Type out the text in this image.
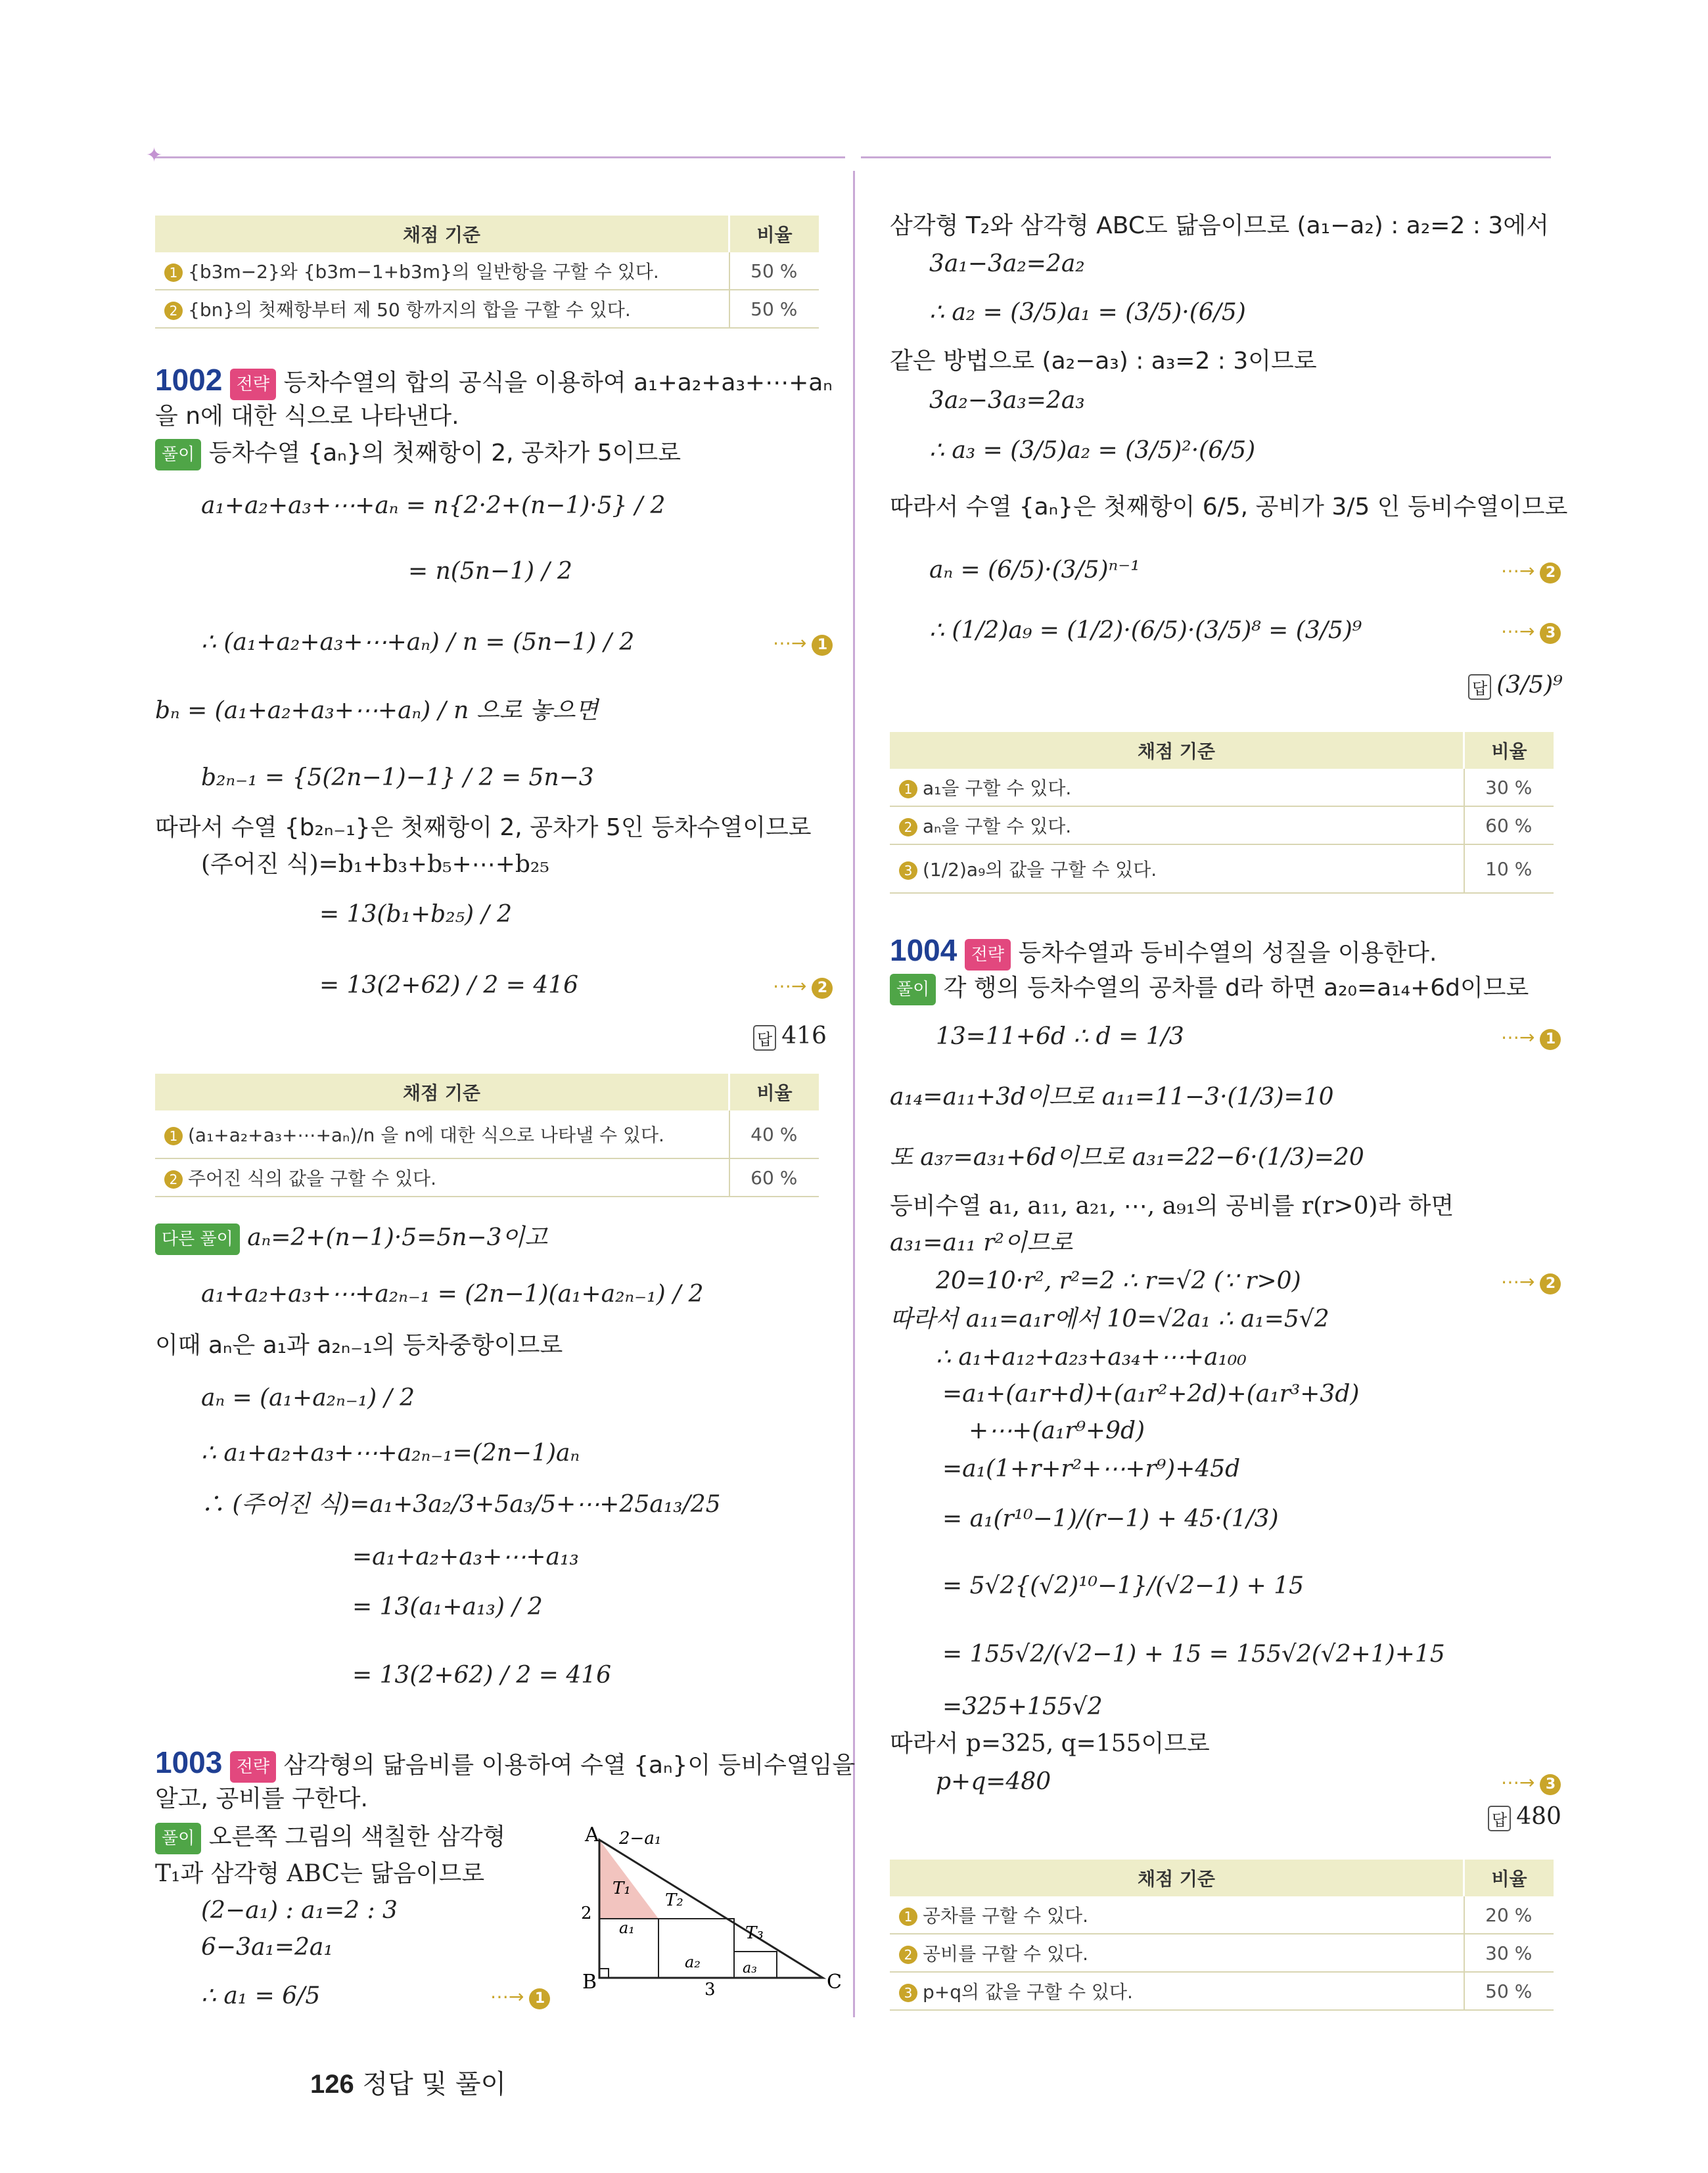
✦
채점 기준	비율
1 {b3m−2}와 {b3m−1+b3m}의 일반항을 구할 수 있다.	50 %
2 {bn}의 첫째항부터 제 50 항까지의 합을 구할 수 있다.	50 %
1002 전략 등차수열의 합의 공식을 이용하여 a₁+a₂+a₃+⋯+aₙ
을 n에 대한 식으로 나타낸다.
풀이 등차수열 {aₙ}의 첫째항이 2, 공차가 5이므로
a₁+a₂+a₃+⋯+aₙ = n{2·2+(n−1)·5} / 2
= n(5n−1) / 2
∴ (a₁+a₂+a₃+⋯+aₙ) / n = (5n−1) / 2	⋯→ 1
bₙ = (a₁+a₂+a₃+⋯+aₙ) / n 으로 놓으면
b₂ₙ₋₁ = {5(2n−1)−1} / 2 = 5n−3
따라서 수열 {b₂ₙ₋₁}은 첫째항이 2, 공차가 5인 등차수열이므로
(주어진 식)=b₁+b₃+b₅+⋯+b₂₅
= 13(b₁+b₂₅) / 2
= 13(2+62) / 2 = 416	⋯→ 2
답 416
채점 기준	비율
1 (a₁+a₂+a₃+⋯+aₙ)/n 을 n에 대한 식으로 나타낼 수 있다.	40 %
2 주어진 식의 값을 구할 수 있다.	60 %
다른 풀이 aₙ=2+(n−1)·5=5n−3이고
a₁+a₂+a₃+⋯+a₂ₙ₋₁ = (2n−1)(a₁+a₂ₙ₋₁) / 2
이때 aₙ은 a₁과 a₂ₙ₋₁의 등차중항이므로
aₙ = (a₁+a₂ₙ₋₁) / 2
∴ a₁+a₂+a₃+⋯+a₂ₙ₋₁=(2n−1)aₙ
∴ (주어진 식)=a₁+3a₂/3+5a₃/5+⋯+25a₁₃/25
=a₁+a₂+a₃+⋯+a₁₃
= 13(a₁+a₁₃) / 2
= 13(2+62) / 2 = 416
1003 전략 삼각형의 닮음비를 이용하여 수열 {aₙ}이 등비수열임을
알고, 공비를 구한다.
풀이 오른쪽 그림의 색칠한 삼각형
T₁과 삼각형 ABC는 닮음이므로
(2−a₁) : a₁=2 : 3
6−3a₁=2a₁
∴ a₁ = 6/5	⋯→ 1
A
B	C
2−a₁
2
3
T₁
T₂
T₃
a₁
a₂	a₃
126 정답 및 풀이
삼각형 T₂와 삼각형 ABC도 닮음이므로 (a₁−a₂) : a₂=2 : 3에서
3a₁−3a₂=2a₂
∴ a₂ = (3/5)a₁ = (3/5)·(6/5)
같은 방법으로 (a₂−a₃) : a₃=2 : 3이므로
3a₂−3a₃=2a₃
∴ a₃ = (3/5)a₂ = (3/5)²·(6/5)
따라서 수열 {aₙ}은 첫째항이 6/5, 공비가 3/5 인 등비수열이므로
aₙ = (6/5)·(3/5)ⁿ⁻¹	⋯→ 2
∴ (1/2)a₉ = (1/2)·(6/5)·(3/5)⁸ = (3/5)⁹	⋯→ 3
답 (3/5)⁹
채점 기준	비율
1 a₁을 구할 수 있다.	30 %
2 aₙ을 구할 수 있다.	60 %
3 (1/2)a₉의 값을 구할 수 있다.	10 %
1004 전략 등차수열과 등비수열의 성질을 이용한다.
풀이 각 행의 등차수열의 공차를 d라 하면 a₂₀=a₁₄+6d이므로
13=11+6d ∴ d = 1/3	⋯→ 1
a₁₄=a₁₁+3d이므로 a₁₁=11−3·(1/3)=10
또 a₃₇=a₃₁+6d이므로 a₃₁=22−6·(1/3)=20
등비수열 a₁, a₁₁, a₂₁, ⋯, a₉₁의 공비를 r(r>0)라 하면
a₃₁=a₁₁ r²이므로
20=10·r², r²=2 ∴ r=√2 (∵ r>0)	⋯→ 2
따라서 a₁₁=a₁r에서 10=√2a₁ ∴ a₁=5√2
∴ a₁+a₁₂+a₂₃+a₃₄+⋯+a₁₀₀
=a₁+(a₁r+d)+(a₁r²+2d)+(a₁r³+3d)
+⋯+(a₁r⁹+9d)
=a₁(1+r+r²+⋯+r⁹)+45d
= a₁(r¹⁰−1)/(r−1) + 45·(1/3)
= 5√2{(√2)¹⁰−1}/(√2−1) + 15
= 155√2/(√2−1) + 15 = 155√2(√2+1)+15
=325+155√2
따라서 p=325, q=155이므로
p+q=480	⋯→ 3
답 480
채점 기준	비율
1 공차를 구할 수 있다.	20 %
2 공비를 구할 수 있다.	30 %
3 p+q의 값을 구할 수 있다.	50 %
